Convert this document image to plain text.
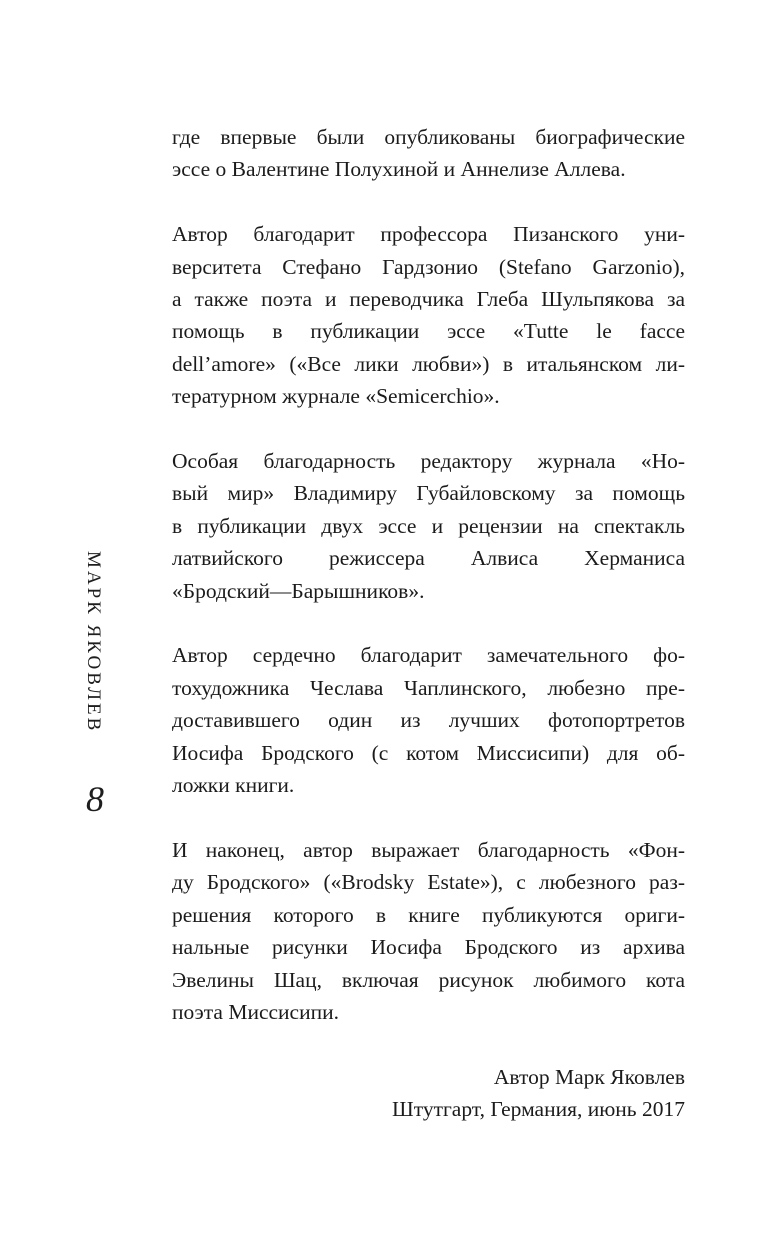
МАРК ЯКОВЛЕВ
8

где впервые были опубликованы биографические
эссе о Валентине Полухиной и Аннелизе Аллева.

Автор благодарит профессора Пизанского уни-
верситета Стефано Гардзонио (Stefano Garzonio),
а также поэта и переводчика Глеба Шульпякова за
помощь в публикации эссе «Tutte le facce
dell’amore» («Все лики любви») в итальянском ли-
тературном журнале «Semicerchio».

Особая благодарность редактору журнала «Но-
вый мир» Владимиру Губайловскому за помощь
в публикации двух эссе и рецензии на спектакль
латвийского режиссера Алвиса Херманиса
«Бродский—Барышников».

Автор сердечно благодарит замечательного фо-
тохудожника Чеслава Чаплинского, любезно пре-
доставившего один из лучших фотопортретов
Иосифа Бродского (с котом Миссисипи) для об-
ложки книги.

И наконец, автор выражает благодарность «Фон-
ду Бродского» («Brodsky Estate»), с любезного раз-
решения которого в книге публикуются ориги-
нальные рисунки Иосифа Бродского из архива
Эвелины Шац, включая рисунок любимого кота
поэта Миссисипи.

Автор Марк Яковлев
Штутгарт, Германия, июнь 2017
